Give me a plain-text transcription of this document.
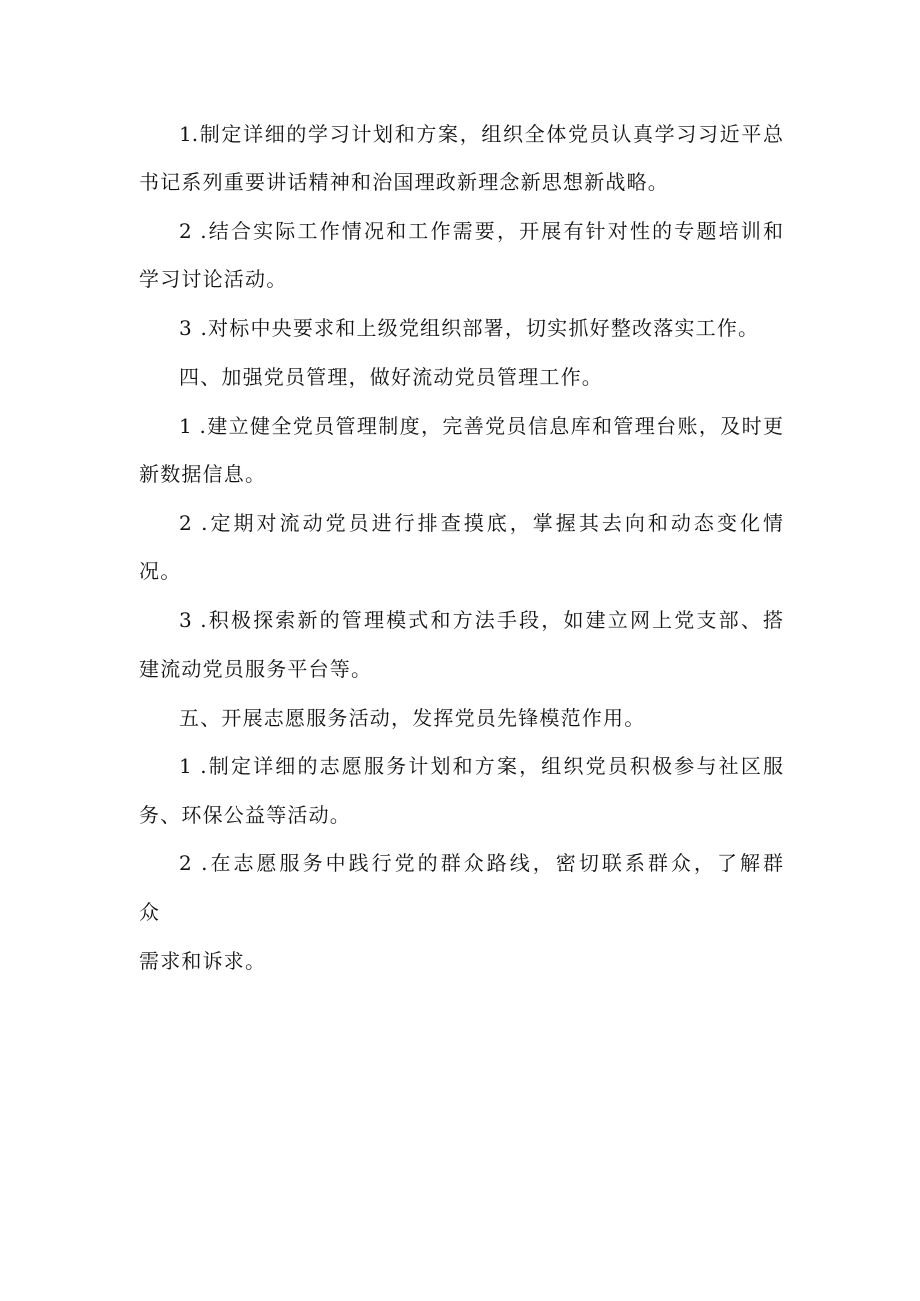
1.制定详细的学习计划和方案，组织全体党员认真学习习近平总
书记系列重要讲话精神和治国理政新理念新思想新战略。
2 .结合实际工作情况和工作需要，开展有针对性的专题培训和
学习讨论活动。
3 .对标中央要求和上级党组织部署，切实抓好整改落实工作。
四、加强党员管理，做好流动党员管理工作。
1 .建立健全党员管理制度，完善党员信息库和管理台账，及时更
新数据信息。
2 .定期对流动党员进行排查摸底，掌握其去向和动态变化情
况。
3 .积极探索新的管理模式和方法手段，如建立网上党支部、搭
建流动党员服务平台等。
五、开展志愿服务活动，发挥党员先锋模范作用。
1 .制定详细的志愿服务计划和方案，组织党员积极参与社区服
务、环保公益等活动。
2 .在志愿服务中践行党的群众路线，密切联系群众，了解群
众
需求和诉求。
